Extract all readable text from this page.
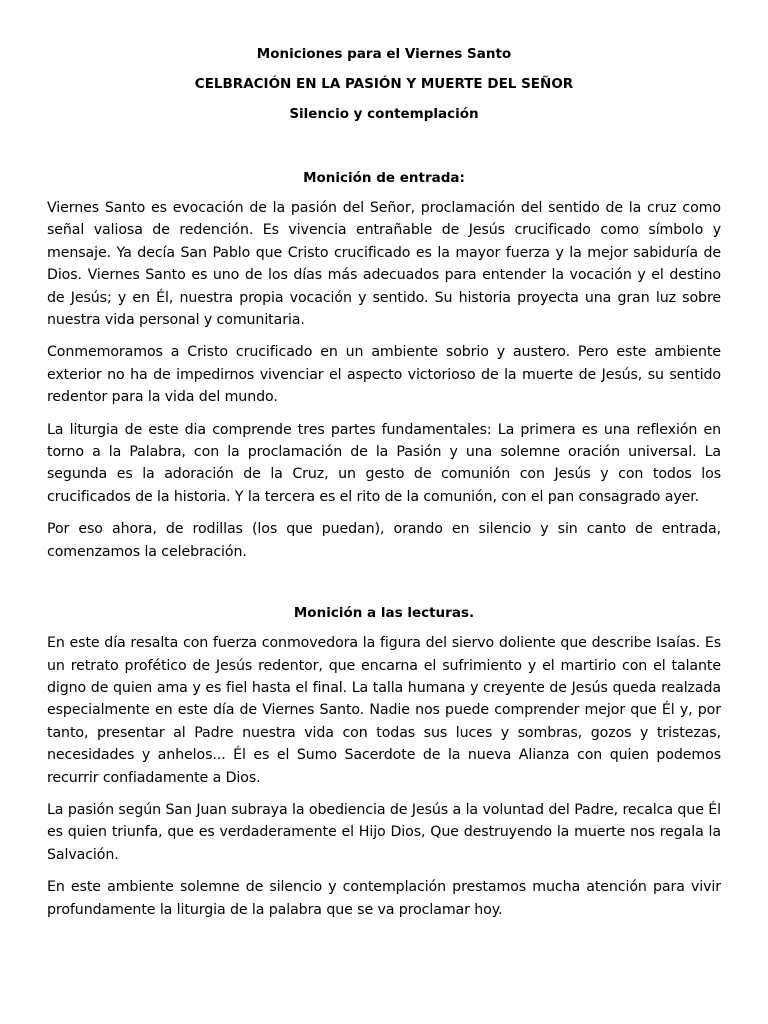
Moniciones para el Viernes Santo

CELBRACIÓN EN LA PASIÓN Y MUERTE DEL SEÑOR

Silencio y contemplación

Monición de entrada:

Viernes Santo es evocación de la pasión del Señor, proclamación del sentido de la cruz como señal valiosa de redención. Es vivencia entrañable de Jesús crucificado como símbolo y mensaje. Ya decía San Pablo que Cristo crucificado es la mayor fuerza y la mejor sabiduría de Dios. Viernes Santo es uno de los días más adecuados para entender la vocación y el destino de Jesús; y en Él, nuestra propia vocación y sentido. Su historia proyecta una gran luz sobre nuestra vida personal y comunitaria.

Conmemoramos a Cristo crucificado en un ambiente sobrio y austero. Pero este ambiente exterior no ha de impedirnos vivenciar el aspecto victorioso de la muerte de Jesús, su sentido redentor para la vida del mundo.

La liturgia de este dia comprende tres partes fundamentales: La primera es una reflexión en torno a la Palabra, con la proclamación de la Pasión y una solemne oración universal. La segunda es la adoración de la Cruz, un gesto de comunión con Jesús y con todos los crucificados de la historia. Y la tercera es el rito de la comunión, con el pan consagrado ayer.

Por eso ahora, de rodillas (los que puedan), orando en silencio y sin canto de entrada, comenzamos la celebración.

Monición a las lecturas.

En este día resalta con fuerza conmovedora la figura del siervo doliente que describe Isaías. Es un retrato profético de Jesús redentor, que encarna el sufrimiento y el martirio con el talante digno de quien ama y es fiel hasta el final. La talla humana y creyente de Jesús queda realzada especialmente en este día de Viernes Santo. Nadie nos puede comprender mejor que Él y, por tanto, presentar al Padre nuestra vida con todas sus luces y sombras, gozos y tristezas, necesidades y anhelos... Él es el Sumo Sacerdote de la nueva Alianza con quien podemos recurrir confiadamente a Dios.

La pasión según San Juan subraya la obediencia de Jesús a la voluntad del Padre, recalca que Él es quien triunfa, que es verdaderamente el Hijo Dios, Que destruyendo la muerte nos regala la Salvación.

En este ambiente solemne de silencio y contemplación prestamos mucha atención para vivir profundamente la liturgia de la palabra que se va proclamar hoy.
